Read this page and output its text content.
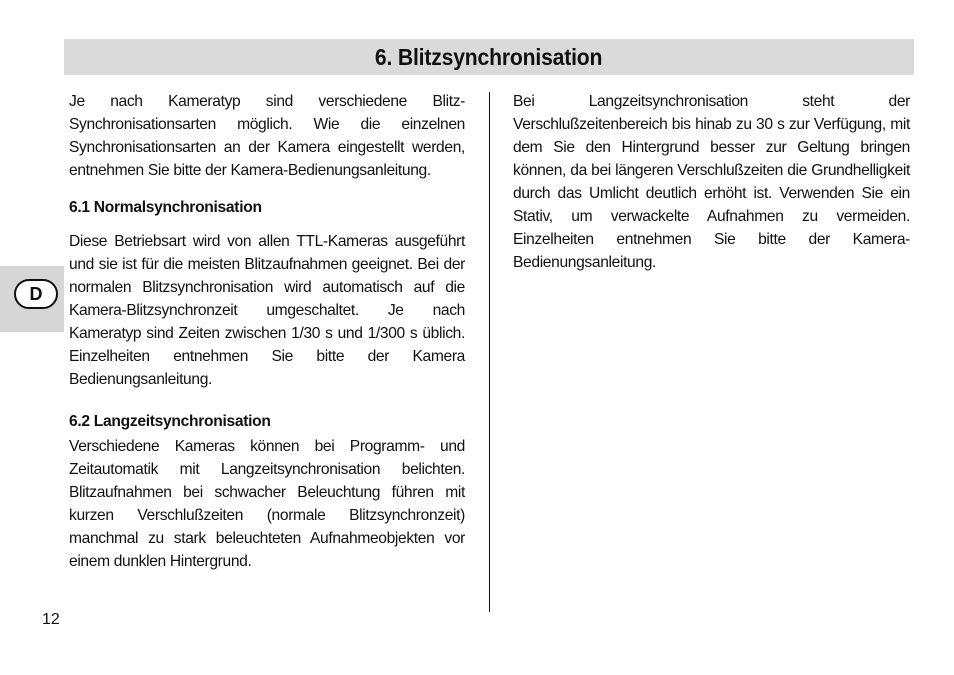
6. Blitzsynchronisation
D

Je nach Kameratyp sind verschiedene Blitz-Synchronisationsarten möglich. Wie die einzelnen Synchronisationsarten an der Kamera eingestellt werden, entnehmen Sie bitte der Kamera-Bedienungsanleitung.

6.1 Normalsynchronisation

Diese Betriebsart wird von allen TTL-Kameras ausgeführt und sie ist für die meisten Blitzaufnahmen geeignet. Bei der normalen Blitzsynchronisation wird automatisch auf die Kamera-Blitzsynchronzeit umgeschaltet. Je nach Kameratyp sind Zeiten zwischen 1/30 s und 1/300 s üblich. Einzelheiten entnehmen Sie bitte der Kamera Bedienungsanleitung.

6.2 Langzeitsynchronisation

Verschiedene Kameras können bei Programm- und Zeitautomatik mit Langzeitsynchronisation belichten. Blitzaufnahmen bei schwacher Beleuchtung führen mit kurzen Verschlußzeiten (normale Blitzsynchronzeit) manchmal zu stark beleuchteten Aufnahmeobjekten vor einem dunklen Hintergrund.

Bei Langzeitsynchronisation steht der Verschlußzeitenbereich bis hinab zu 30 s zur Verfügung, mit dem Sie den Hintergrund besser zur Geltung bringen können, da bei längeren Verschlußzeiten die Grundhelligkeit durch das Umlicht deutlich erhöht ist. Verwenden Sie ein Stativ, um verwackelte Aufnahmen zu vermeiden. Einzelheiten entnehmen Sie bitte der Kamera-Bedienungsanleitung.

12
